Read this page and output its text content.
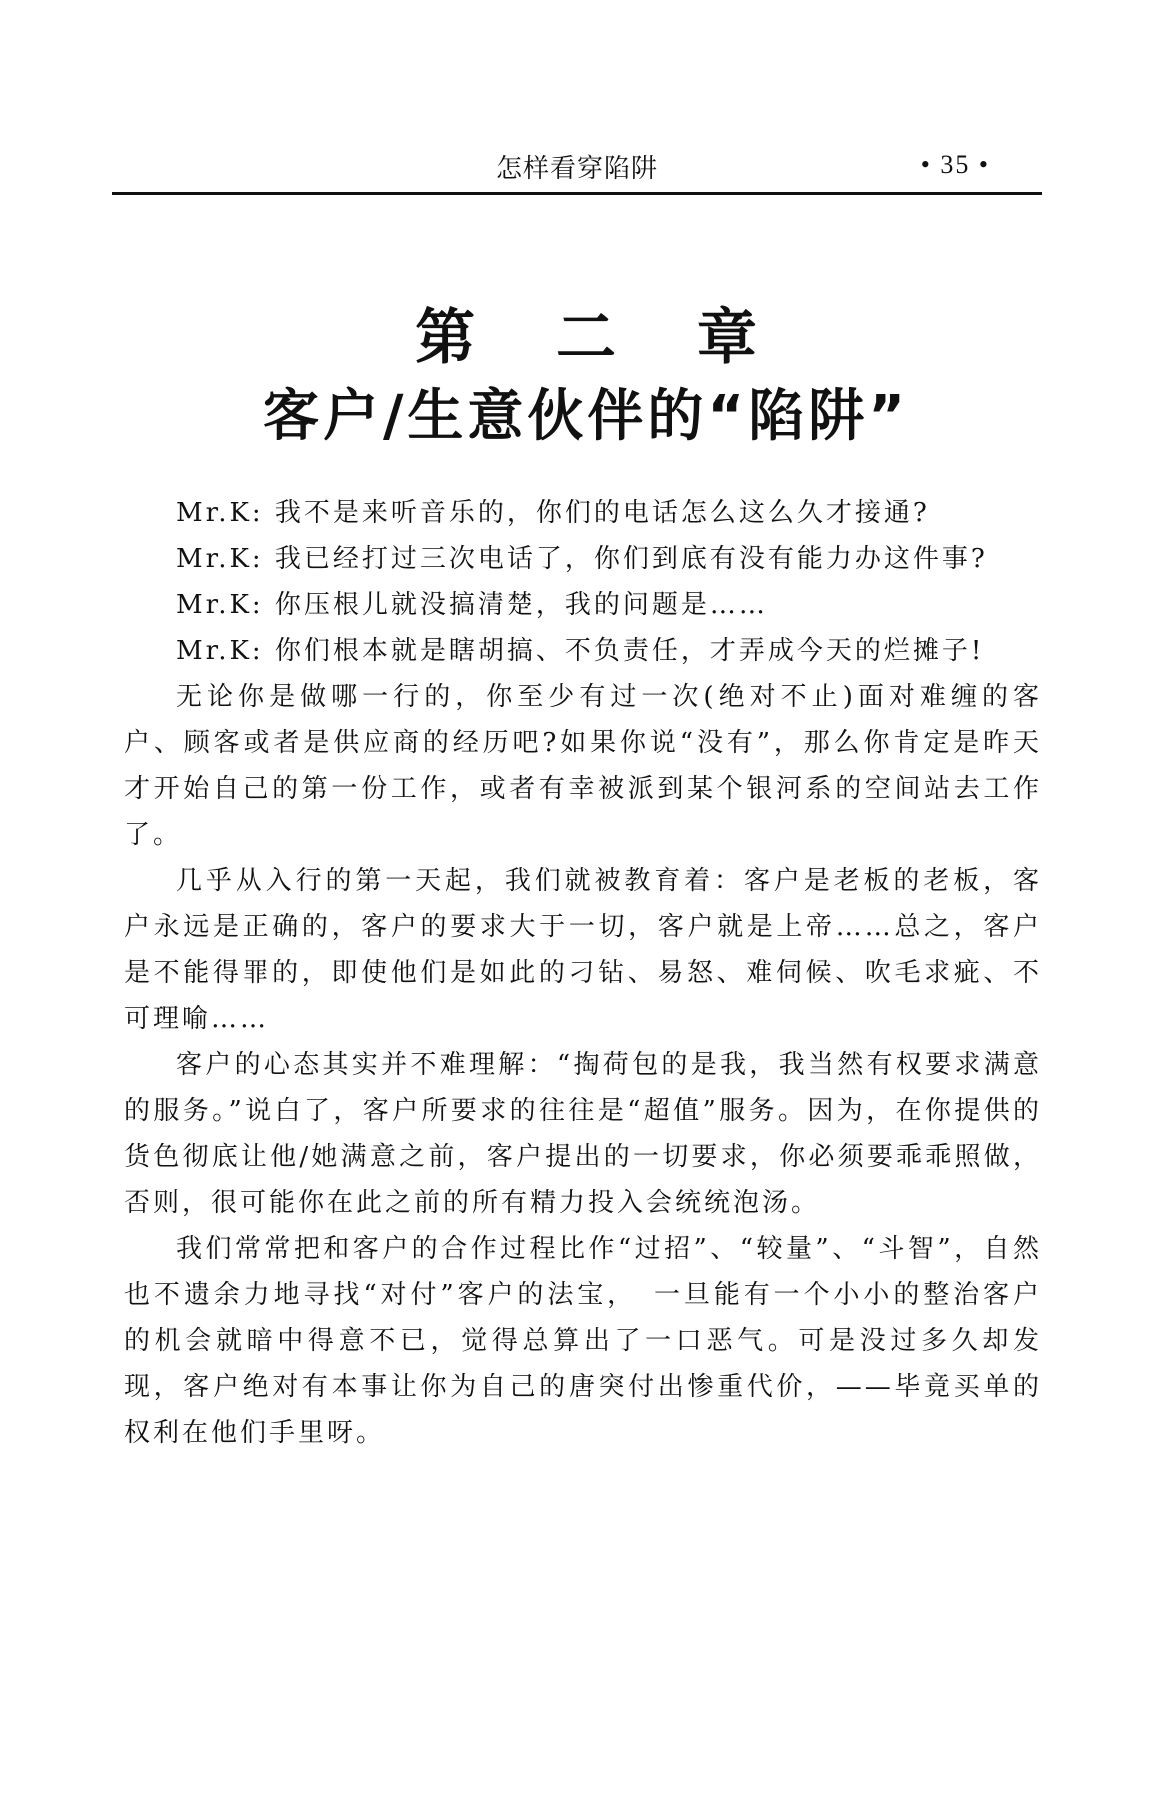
怎样看穿陷阱	• 35 •
第 二 章
客户/生意伙伴的“陷阱”

Mr.K: 我不是来听音乐的，你们的电话怎么这么久才接通?

Mr.K: 我已经打过三次电话了，你们到底有没有能力办这件事?

Mr.K: 你压根儿就没搞清楚，我的问题是……

Mr.K: 你们根本就是瞎胡搞、不负责任，才弄成今天的烂摊子!

无论你是做哪一行的，你至少有过一次(绝对不止)面对难缠的客户、顾客或者是供应商的经历吧?如果你说“没有”，那么你肯定是昨天才开始自己的第一份工作，或者有幸被派到某个银河系的空间站去工作了。

几乎从入行的第一天起，我们就被教育着：客户是老板的老板，客户永远是正确的，客户的要求大于一切，客户就是上帝……总之，客户是不能得罪的，即使他们是如此的刁钻、易怒、难伺候、吹毛求疵、不可理喻……

客户的心态其实并不难理解：“掏荷包的是我，我当然有权要求满意的服务。”说白了，客户所要求的往往是“超值”服务。因为，在你提供的货色彻底让他/她满意之前，客户提出的一切要求，你必须要乖乖照做，否则，很可能你在此之前的所有精力投入会统统泡汤。

我们常常把和客户的合作过程比作“过招”、“较量”、“斗智”，自然也不遗余力地寻找“对付”客户的法宝，　一旦能有一个小小的整治客户的机会就暗中得意不已，觉得总算出了一口恶气。可是没过多久却发现，客户绝对有本事让你为自己的唐突付出惨重代价，——毕竟买单的权利在他们手里呀。
